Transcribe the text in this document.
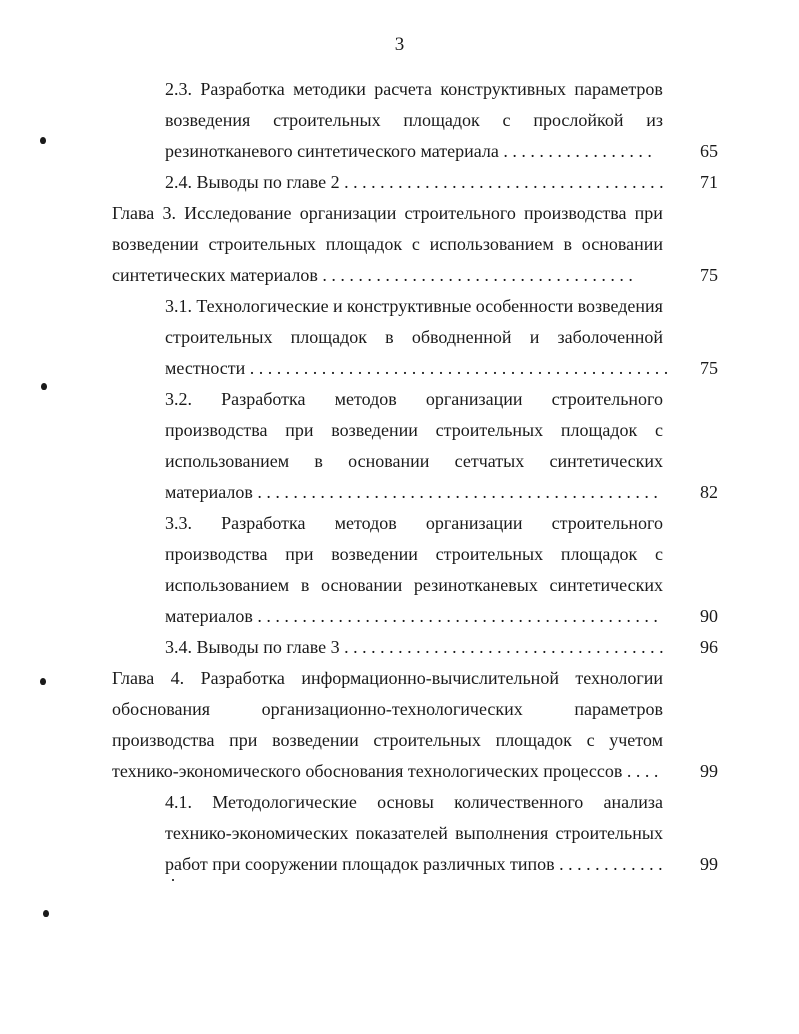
3
2.3. Разработка методики расчета конструктивных параметров
возведения строительных площадок с прослойкой из
резинотканевого синтетического материала . . . . . . . . . . . . . . . . .	65
2.4. Выводы по главе 2 . . . . . . . . . . . . . . . . . . . . . . . . . . . . . . . . . . . .	71
Глава 3. Исследование организации строительного производства при
возведении строительных площадок с использованием в основании
синтетических материалов . . . . . . . . . . . . . . . . . . . . . . . . . . . . . . . . . . .	75
3.1. Технологические и конструктивные особенности возведения
строительных площадок в обводненной и заболоченной
местности . . . . . . . . . . . . . . . . . . . . . . . . . . . . . . . . . . . . . . . . . . . . . . .	75
3.2. Разработка методов организации строительного
производства при возведении строительных площадок с
использованием в основании сетчатых синтетических
материалов . . . . . . . . . . . . . . . . . . . . . . . . . . . . . . . . . . . . . . . . . . . . .	82
3.3. Разработка методов организации строительного
производства при возведении строительных площадок с
использованием в основании резинотканевых синтетических
материалов . . . . . . . . . . . . . . . . . . . . . . . . . . . . . . . . . . . . . . . . . . . . .	90
3.4. Выводы по главе 3 . . . . . . . . . . . . . . . . . . . . . . . . . . . . . . . . . . . .	96
Глава 4. Разработка информационно-вычислительной технологии
обоснования	организационно-технологических	параметров
производства при возведении строительных площадок с учетом
технико-экономического обоснования технологических процессов . . . .	99
4.1. Методологические основы количественного анализа
технико-экономических показателей выполнения строительных
работ при сооружении площадок различных типов . . . . . . . . . . . .	99
